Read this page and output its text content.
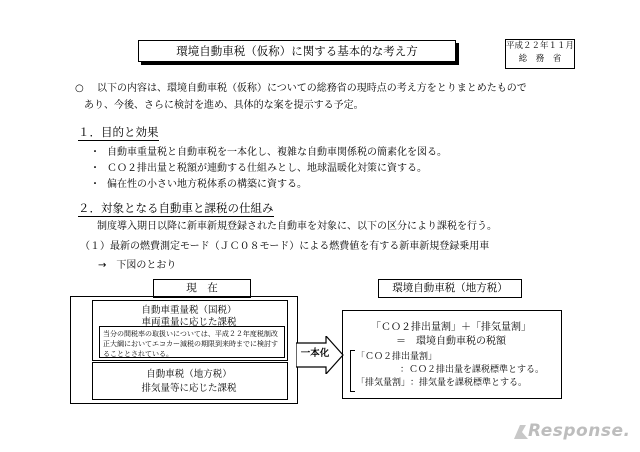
環境自動車税（仮称）に関する基本的な考え方	平成２２年１１月
総　務　省
○ 以下の内容は、環境自動車税（仮称）についての総務省の現時点の考え方をとりまとめたもので
あり、今後、さらに検討を進め、具体的な案を提示する予定。
１．目的と効果
・ 自動車重量税と自動車税を一本化し、複雑な自動車関係税の簡素化を図る。
・ ＣＯ２排出量と税額が連動する仕組みとし、地球温暖化対策に資する。
・ 偏在性の小さい地方税体系の構築に資する。
２．対象となる自動車と課税の仕組み
制度導入期日以降に新車新規登録された自動車を対象に、以下の区分により課税を行う。
（１）最新の燃費測定モード（ＪＣ０８モード）による燃費値を有する新車新規登録乗用車
→　下図のとおり
現　在
自動車重量税（国税）
車両重量に応じた課税
当分の間税率の取扱いについては、平成２２年度税制改正大綱においてエコカー減税の期限到来時までに検討することとされている。
自動車税（地方税）
排気量等に応じた課税
一本化
環境自動車税（地方税）
「ＣＯ２排出量割」＋「排気量割」
＝　環境自動車税の税額
「ＣＯ２排出量割」
：ＣＯ２排出量を課税標準とする。
「排気量割」 ：排気量を課税標準とする。
Response.
